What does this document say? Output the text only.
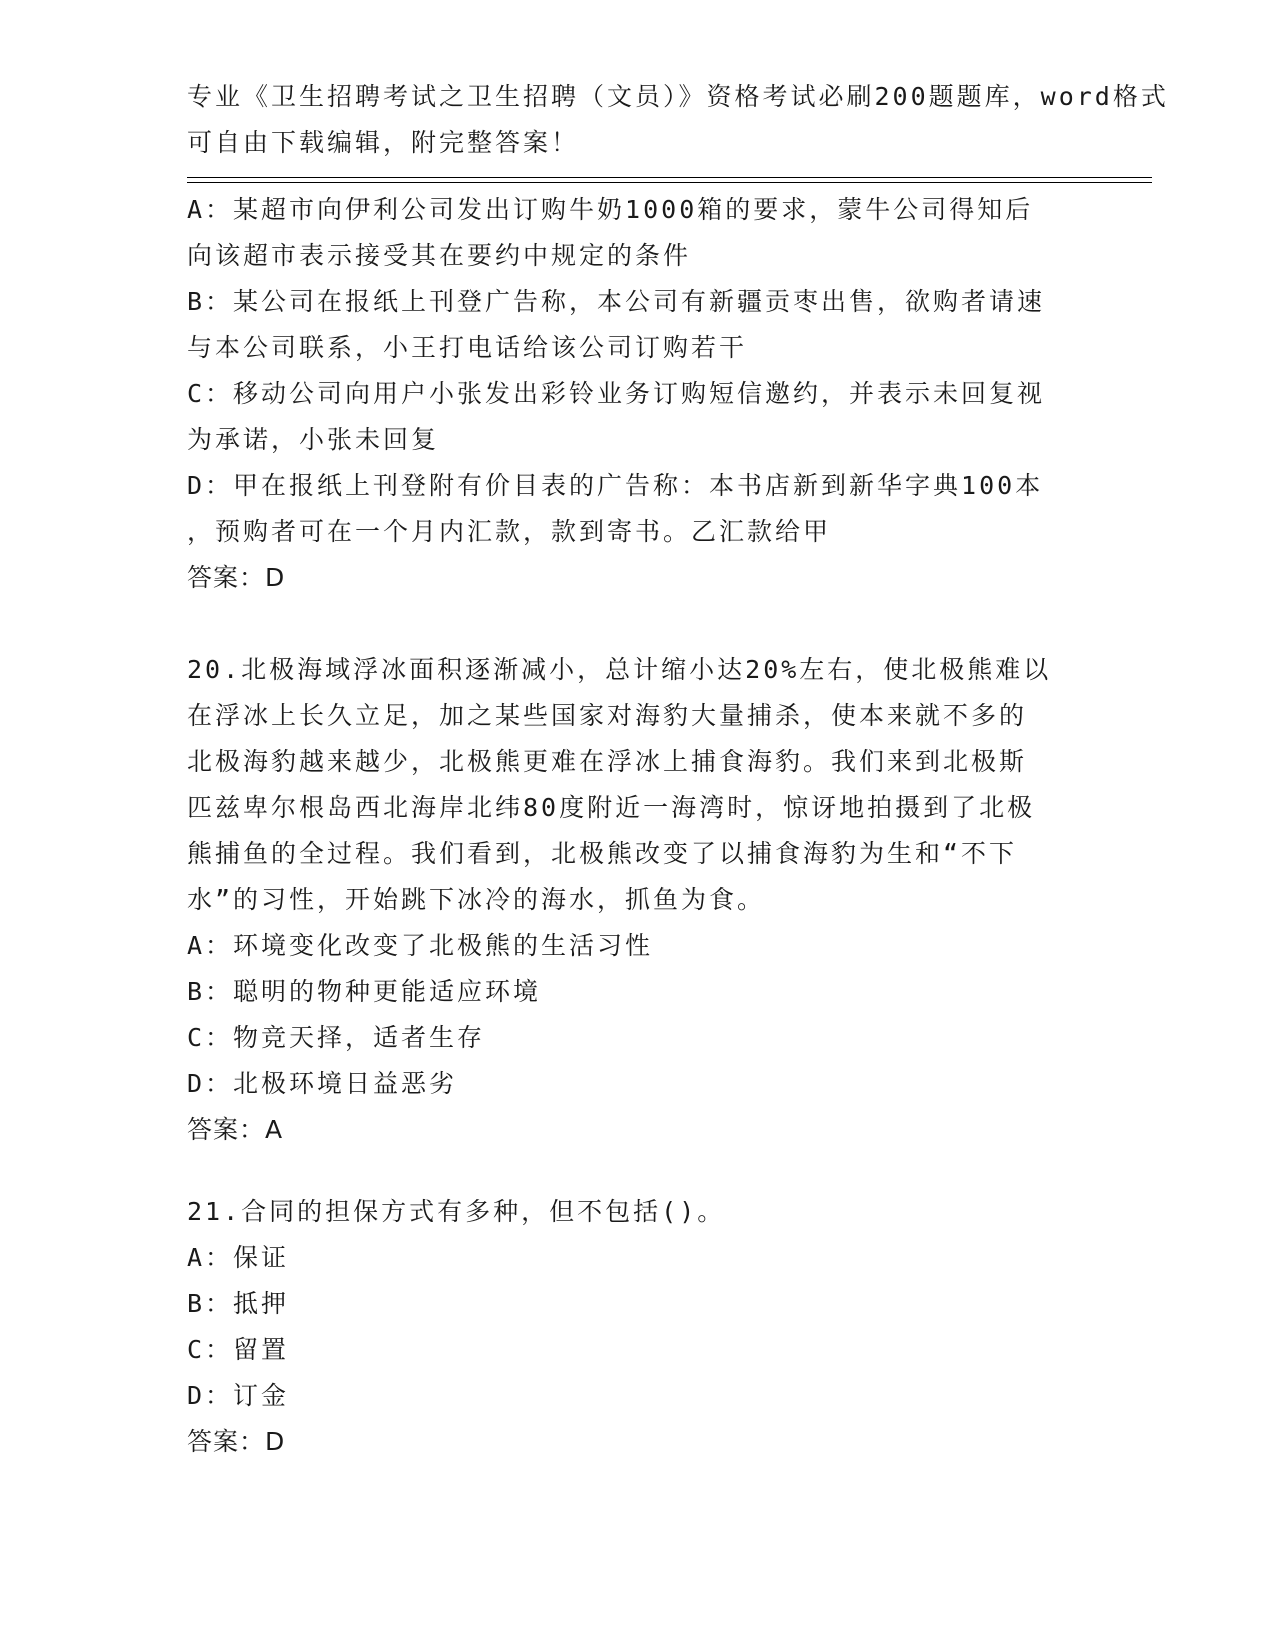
专业《卫生招聘考试之卫生招聘（文员）》资格考试必刷200题题库，word格式
可自由下载编辑，附完整答案！
A：某超市向伊利公司发出订购牛奶1000箱的要求，蒙牛公司得知后
向该超市表示接受其在要约中规定的条件
B：某公司在报纸上刊登广告称，本公司有新疆贡枣出售，欲购者请速
与本公司联系，小王打电话给该公司订购若干
C：移动公司向用户小张发出彩铃业务订购短信邀约，并表示未回复视
为承诺，小张未回复
D：甲在报纸上刊登附有价目表的广告称：本书店新到新华字典100本
，预购者可在一个月内汇款，款到寄书。乙汇款给甲
答案：D
20.北极海域浮冰面积逐渐减小，总计缩小达20%左右，使北极熊难以
在浮冰上长久立足，加之某些国家对海豹大量捕杀，使本来就不多的
北极海豹越来越少，北极熊更难在浮冰上捕食海豹。我们来到北极斯
匹兹卑尔根岛西北海岸北纬80度附近一海湾时，惊讶地拍摄到了北极
熊捕鱼的全过程。我们看到，北极熊改变了以捕食海豹为生和“不下
水”的习性，开始跳下冰冷的海水，抓鱼为食。
A：环境变化改变了北极熊的生活习性
B：聪明的物种更能适应环境
C：物竞天择，适者生存
D：北极环境日益恶劣
答案：A
21.合同的担保方式有多种，但不包括()。
A：保证
B：抵押
C：留置
D：订金
答案：D
